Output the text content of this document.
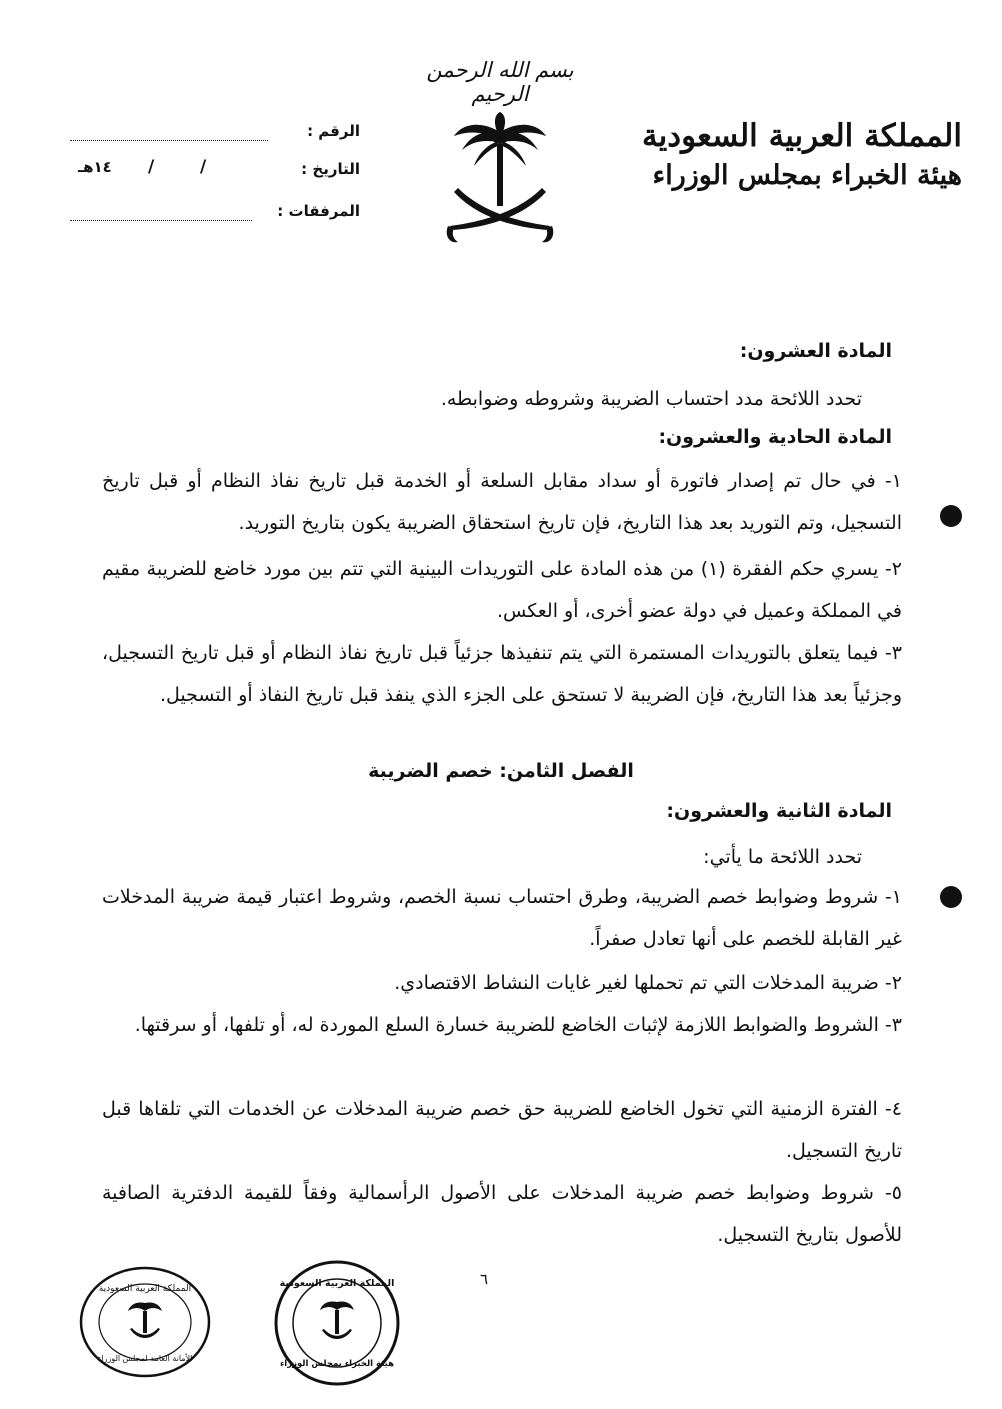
بسم الله الرحمن الرحيم
المملكة العربية السعودية
هيئة الخبراء بمجلس الوزراء
الرقم :
التاريخ :
/
/
١٤هـ
المرفقات :
المادة العشرون:
تحدد اللائحة مدد احتساب الضريبة وشروطه وضوابطه.
المادة الحادية والعشرون:
١- في حال تم إصدار فاتورة أو سداد مقابل السلعة أو الخدمة قبل تاريخ نفاذ النظام أو قبل تاريخ التسجيل، وتم التوريد بعد هذا التاريخ، فإن تاريخ استحقاق الضريبة يكون بتاريخ التوريد.
٢- يسري حكم الفقرة (١) من هذه المادة على التوريدات البينية التي تتم بين مورد خاضع للضريبة مقيم في المملكة وعميل في دولة عضو أخرى، أو العكس.
٣- فيما يتعلق بالتوريدات المستمرة التي يتم تنفيذها جزئياً قبل تاريخ نفاذ النظام أو قبل تاريخ التسجيل، وجزئياً بعد هذا التاريخ، فإن الضريبة لا تستحق على الجزء الذي ينفذ قبل تاريخ النفاذ أو التسجيل.
الفصل الثامن: خصم الضريبة
المادة الثانية والعشرون:
تحدد اللائحة ما يأتي:
١- شروط وضوابط خصم الضريبة، وطرق احتساب نسبة الخصم، وشروط اعتبار قيمة ضريبة المدخلات غير القابلة للخصم على أنها تعادل صفراً.
٢- ضريبة المدخلات التي تم تحملها لغير غايات النشاط الاقتصادي.
٣- الشروط والضوابط اللازمة لإثبات الخاضع للضريبة خسارة السلع الموردة له، أو تلفها، أو سرقتها.
٤- الفترة الزمنية التي تخول الخاضع للضريبة حق خصم ضريبة المدخلات عن الخدمات التي تلقاها قبل تاريخ التسجيل.
٥- شروط وضوابط خصم ضريبة المدخلات على الأصول الرأسمالية وفقاً للقيمة الدفترية الصافية للأصول بتاريخ التسجيل.
٦
المملكة العربية السعودية
الأمانة العامة لمجلس الوزراء
المملكة العربية السعودية
هيئة الخبراء بمجلس الوزراء
